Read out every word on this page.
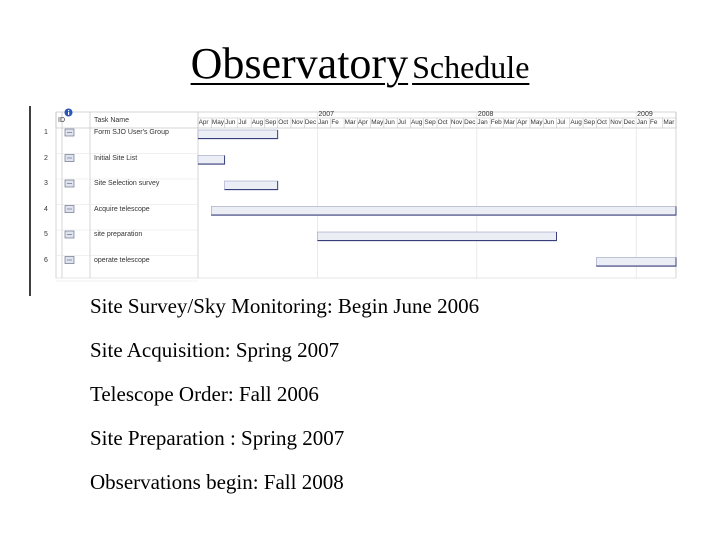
Observatory Schedule
ID	Task Name	Apr May Jun Jul Aug Sep Oct Nov Dec Jan Fe Mar Apr May Jun Jul Aug Sep Oct Nov Dec Jan Feb Mar Apr May Jun Jul Aug Sep Oct Nov Dec Jan Fe Mar
2007	2008	2009
1	Form SJO User's Group
2	Initial Site List
3	Site Selection survey
4	Acquire telescope
5	site preparation
6	operate telescope
Site Survey/Sky Monitoring: Begin June 2006
Site Acquisition: Spring 2007
Telescope Order: Fall 2006
Site Preparation : Spring 2007
Observations begin: Fall 2008
